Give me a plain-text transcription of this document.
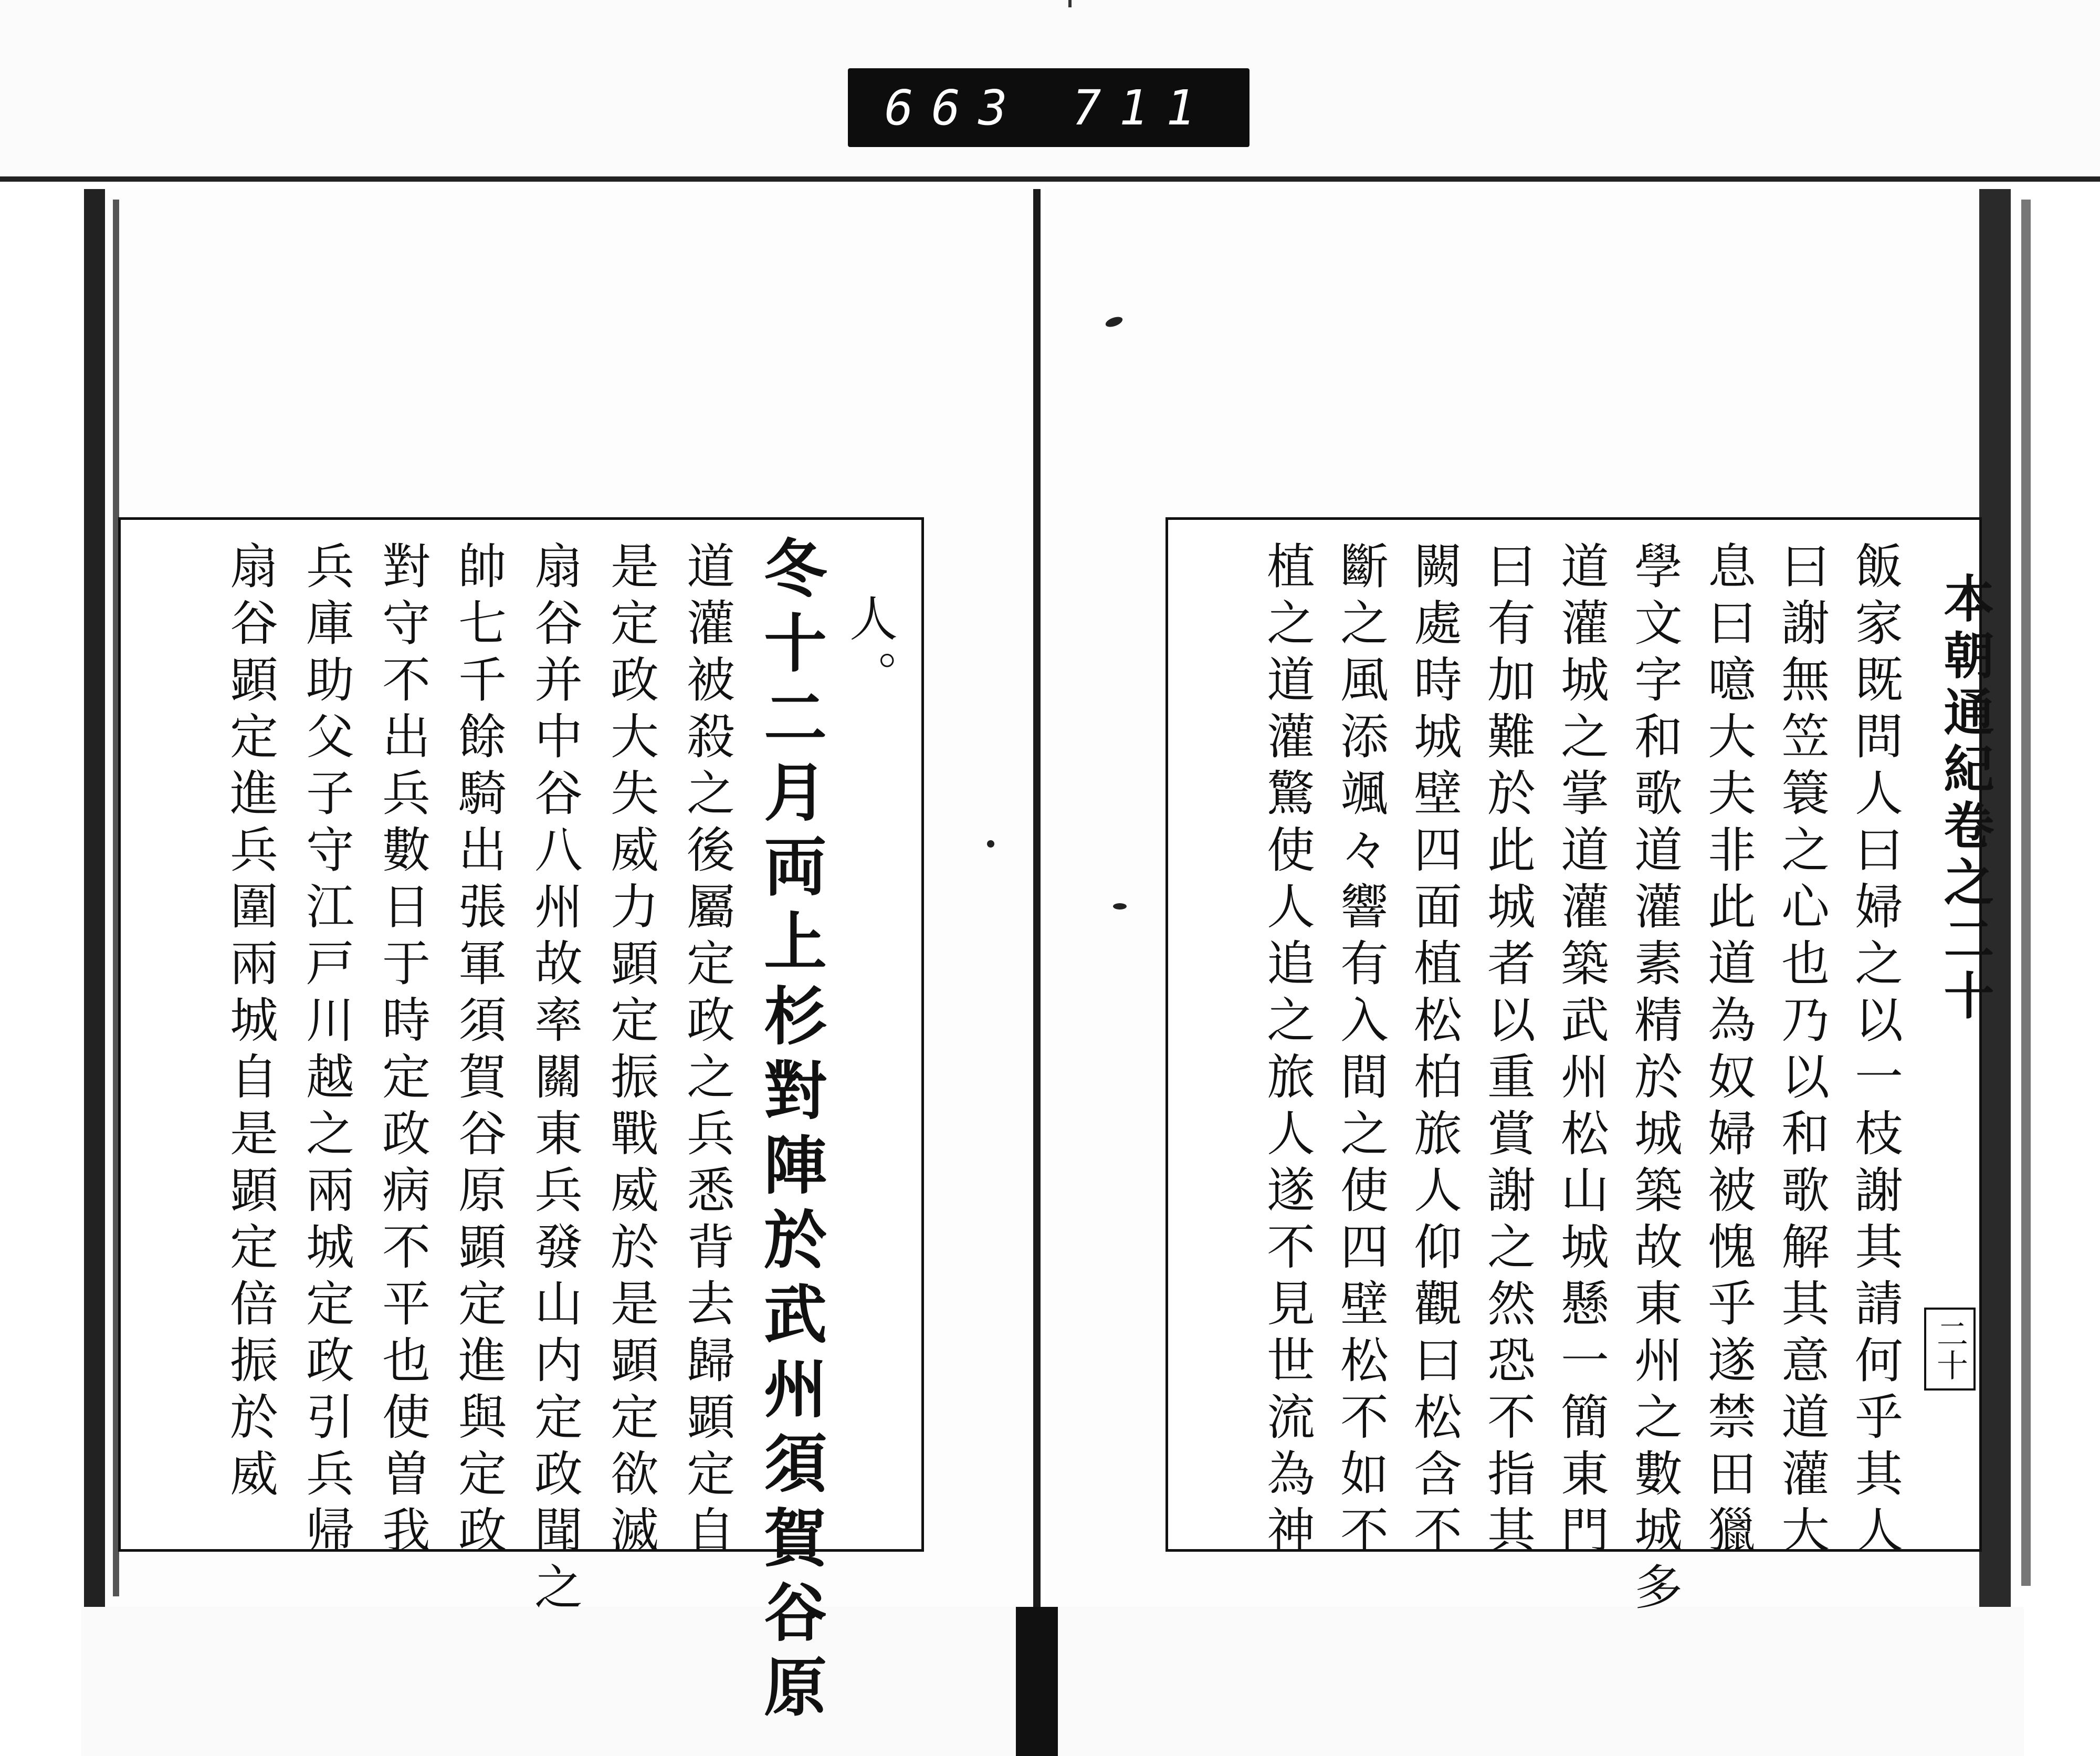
663 711
人。
冬十二月両上杉對陣於武州須賀谷原
道灌被殺之後屬定政之兵悉背去歸顕定自
是定政大失威力顕定振戰威於是顕定欲滅
扇谷并中谷八州故率關東兵發山内定政聞之
帥七千餘騎出張軍須賀谷原顕定進與定政
對守不出兵數日于時定政病不平也使曽我
兵庫助父子守江戸川越之兩城定政引兵帰
扇谷顕定進兵圍兩城自是顕定倍振於威	本朝通紀卷之二十
二十
飯家既問人曰婦之以一枝謝其請何乎其人
曰謝無笠簑之心也乃以和歌解其意道灌大
息曰噫大夫非此道為奴婦被愧乎遂禁田獵
學文字和歌道灌素精於城築故東州之數城多
道灌城之掌道灌築武州松山城懸一簡東門
曰有加難於此城者以重賞謝之然恐不指其
闕處時城壁四面植松柏旅人仰觀曰松含不
斷之風添颯々響有入間之使四壁松不如不
植之道灌驚使人追之旅人遂不見世流為神
